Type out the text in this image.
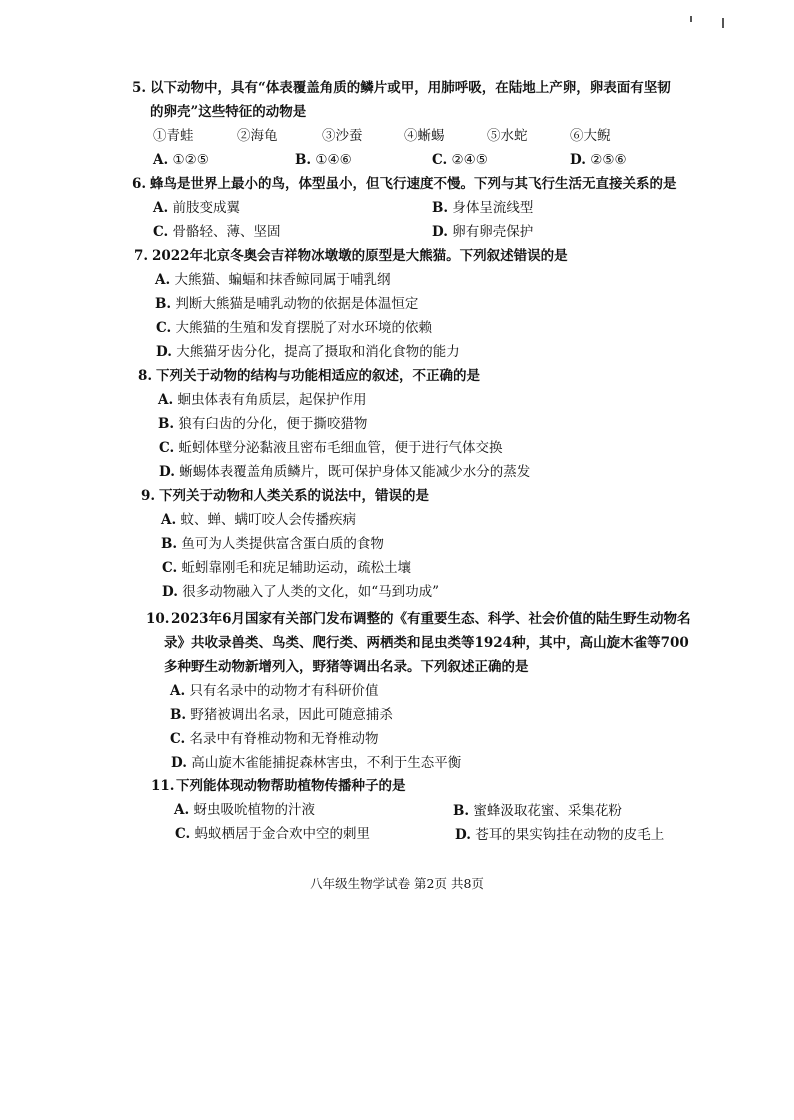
5. 以下动物中，具有“体表覆盖角质的鳞片或甲，用肺呼吸，在陆地上产卵，卵表面有坚韧
的卵壳”这些特征的动物是
①青蛙	②海龟	③沙蚕	④蜥蜴	⑤水蛇	⑥大鲵
A. ①②⑤	B. ①④⑥	C. ②④⑤	D. ②⑤⑥
6. 蜂鸟是世界上最小的鸟，体型虽小，但飞行速度不慢。下列与其飞行生活无直接关系的是
A. 前肢变成翼	B. 身体呈流线型
C. 骨骼轻、薄、坚固	D. 卵有卵壳保护
7. 2022年北京冬奥会吉祥物冰墩墩的原型是大熊猫。下列叙述错误的是
A. 大熊猫、蝙蝠和抹香鲸同属于哺乳纲
B. 判断大熊猫是哺乳动物的依据是体温恒定
C. 大熊猫的生殖和发育摆脱了对水环境的依赖
D. 大熊猫牙齿分化，提高了摄取和消化食物的能力
8. 下列关于动物的结构与功能相适应的叙述，不正确的是
A. 蛔虫体表有角质层，起保护作用
B. 狼有臼齿的分化，便于撕咬猎物
C. 蚯蚓体壁分泌黏液且密布毛细血管，便于进行气体交换
D. 蜥蜴体表覆盖角质鳞片，既可保护身体又能减少水分的蒸发
9. 下列关于动物和人类关系的说法中，错误的是
A. 蚊、蝉、螨叮咬人会传播疾病
B. 鱼可为人类提供富含蛋白质的食物
C. 蚯蚓靠刚毛和疣足辅助运动，疏松土壤
D. 很多动物融入了人类的文化，如“马到功成”
10. 2023年6月国家有关部门发布调整的《有重要生态、科学、社会价值的陆生野生动物名
录》共收录兽类、鸟类、爬行类、两栖类和昆虫类等1924种，其中，高山旋木雀等700
多种野生动物新增列入，野猪等调出名录。下列叙述正确的是
A. 只有名录中的动物才有科研价值
B. 野猪被调出名录，因此可随意捕杀
C. 名录中有脊椎动物和无脊椎动物
D. 高山旋木雀能捕捉森林害虫，不利于生态平衡
11. 下列能体现动物帮助植物传播种子的是
A. 蚜虫吸吮植物的汁液	B. 蜜蜂汲取花蜜、采集花粉
C. 蚂蚁栖居于金合欢中空的刺里	D. 苍耳的果实钩挂在动物的皮毛上
八年级生物学试卷 第2页 共8页
